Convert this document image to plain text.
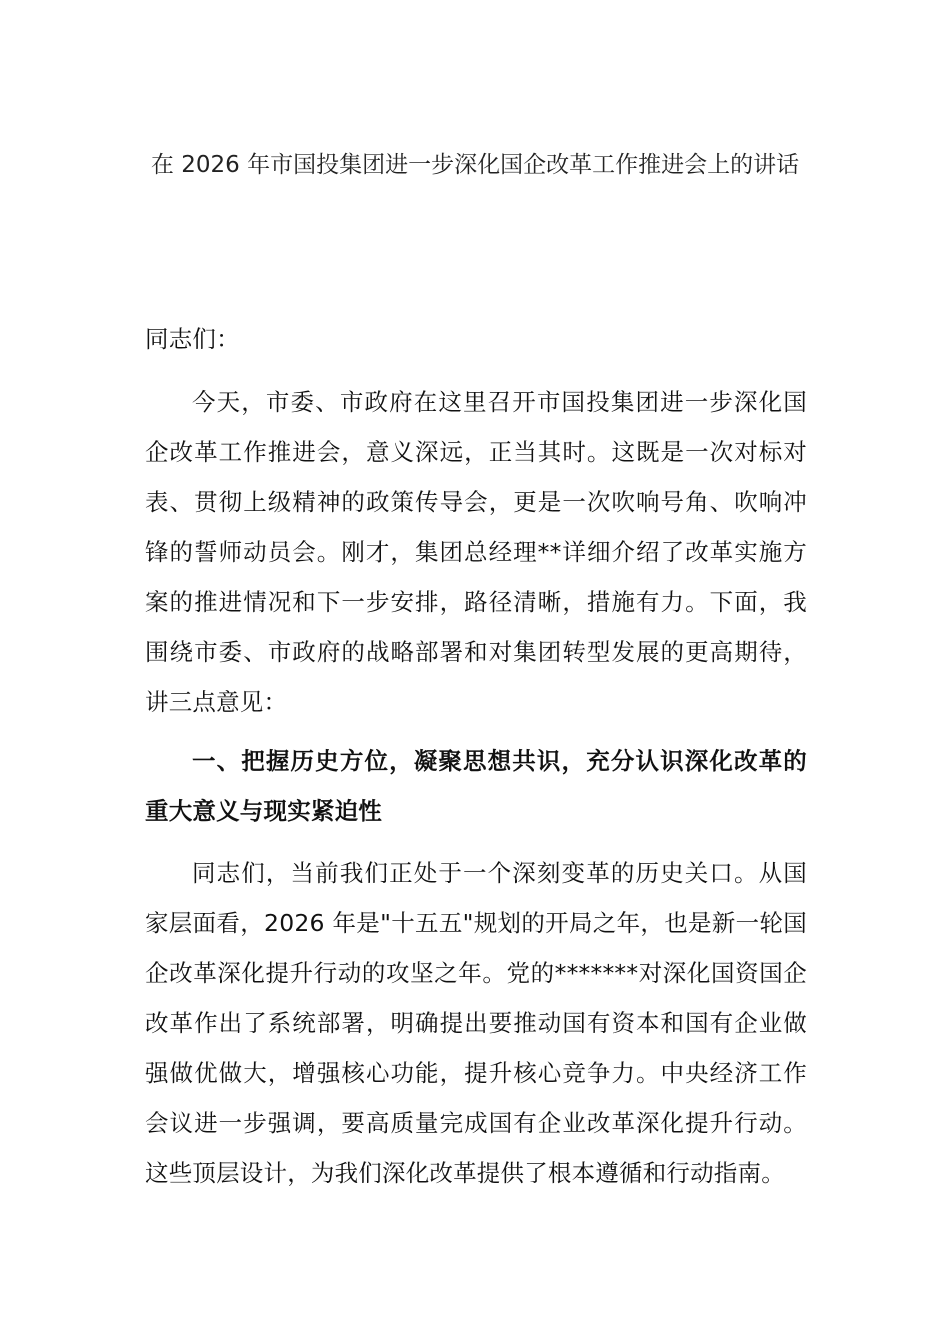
在 2026 年市国投集团进一步深化国企改革工作推进会上的讲话

同志们：

今天，市委、市政府在这里召开市国投集团进一步深化国企改革工作推进会，意义深远，正当其时。这既是一次对标对表、贯彻上级精神的政策传导会，更是一次吹响号角、吹响冲锋的誓师动员会。刚才，集团总经理**详细介绍了改革实施方案的推进情况和下一步安排，路径清晰，措施有力。下面，我围绕市委、市政府的战略部署和对集团转型发展的更高期待，讲三点意见：

一、把握历史方位，凝聚思想共识，充分认识深化改革的重大意义与现实紧迫性

同志们，当前我们正处于一个深刻变革的历史关口。从国家层面看，2026 年是"十五五"规划的开局之年，也是新一轮国企改革深化提升行动的攻坚之年。党的*******对深化国资国企改革作出了系统部署，明确提出要推动国有资本和国有企业做强做优做大，增强核心功能，提升核心竞争力。中央经济工作会议进一步强调，要高质量完成国有企业改革深化提升行动。这些顶层设计，为我们深化改革提供了根本遵循和行动指南。
